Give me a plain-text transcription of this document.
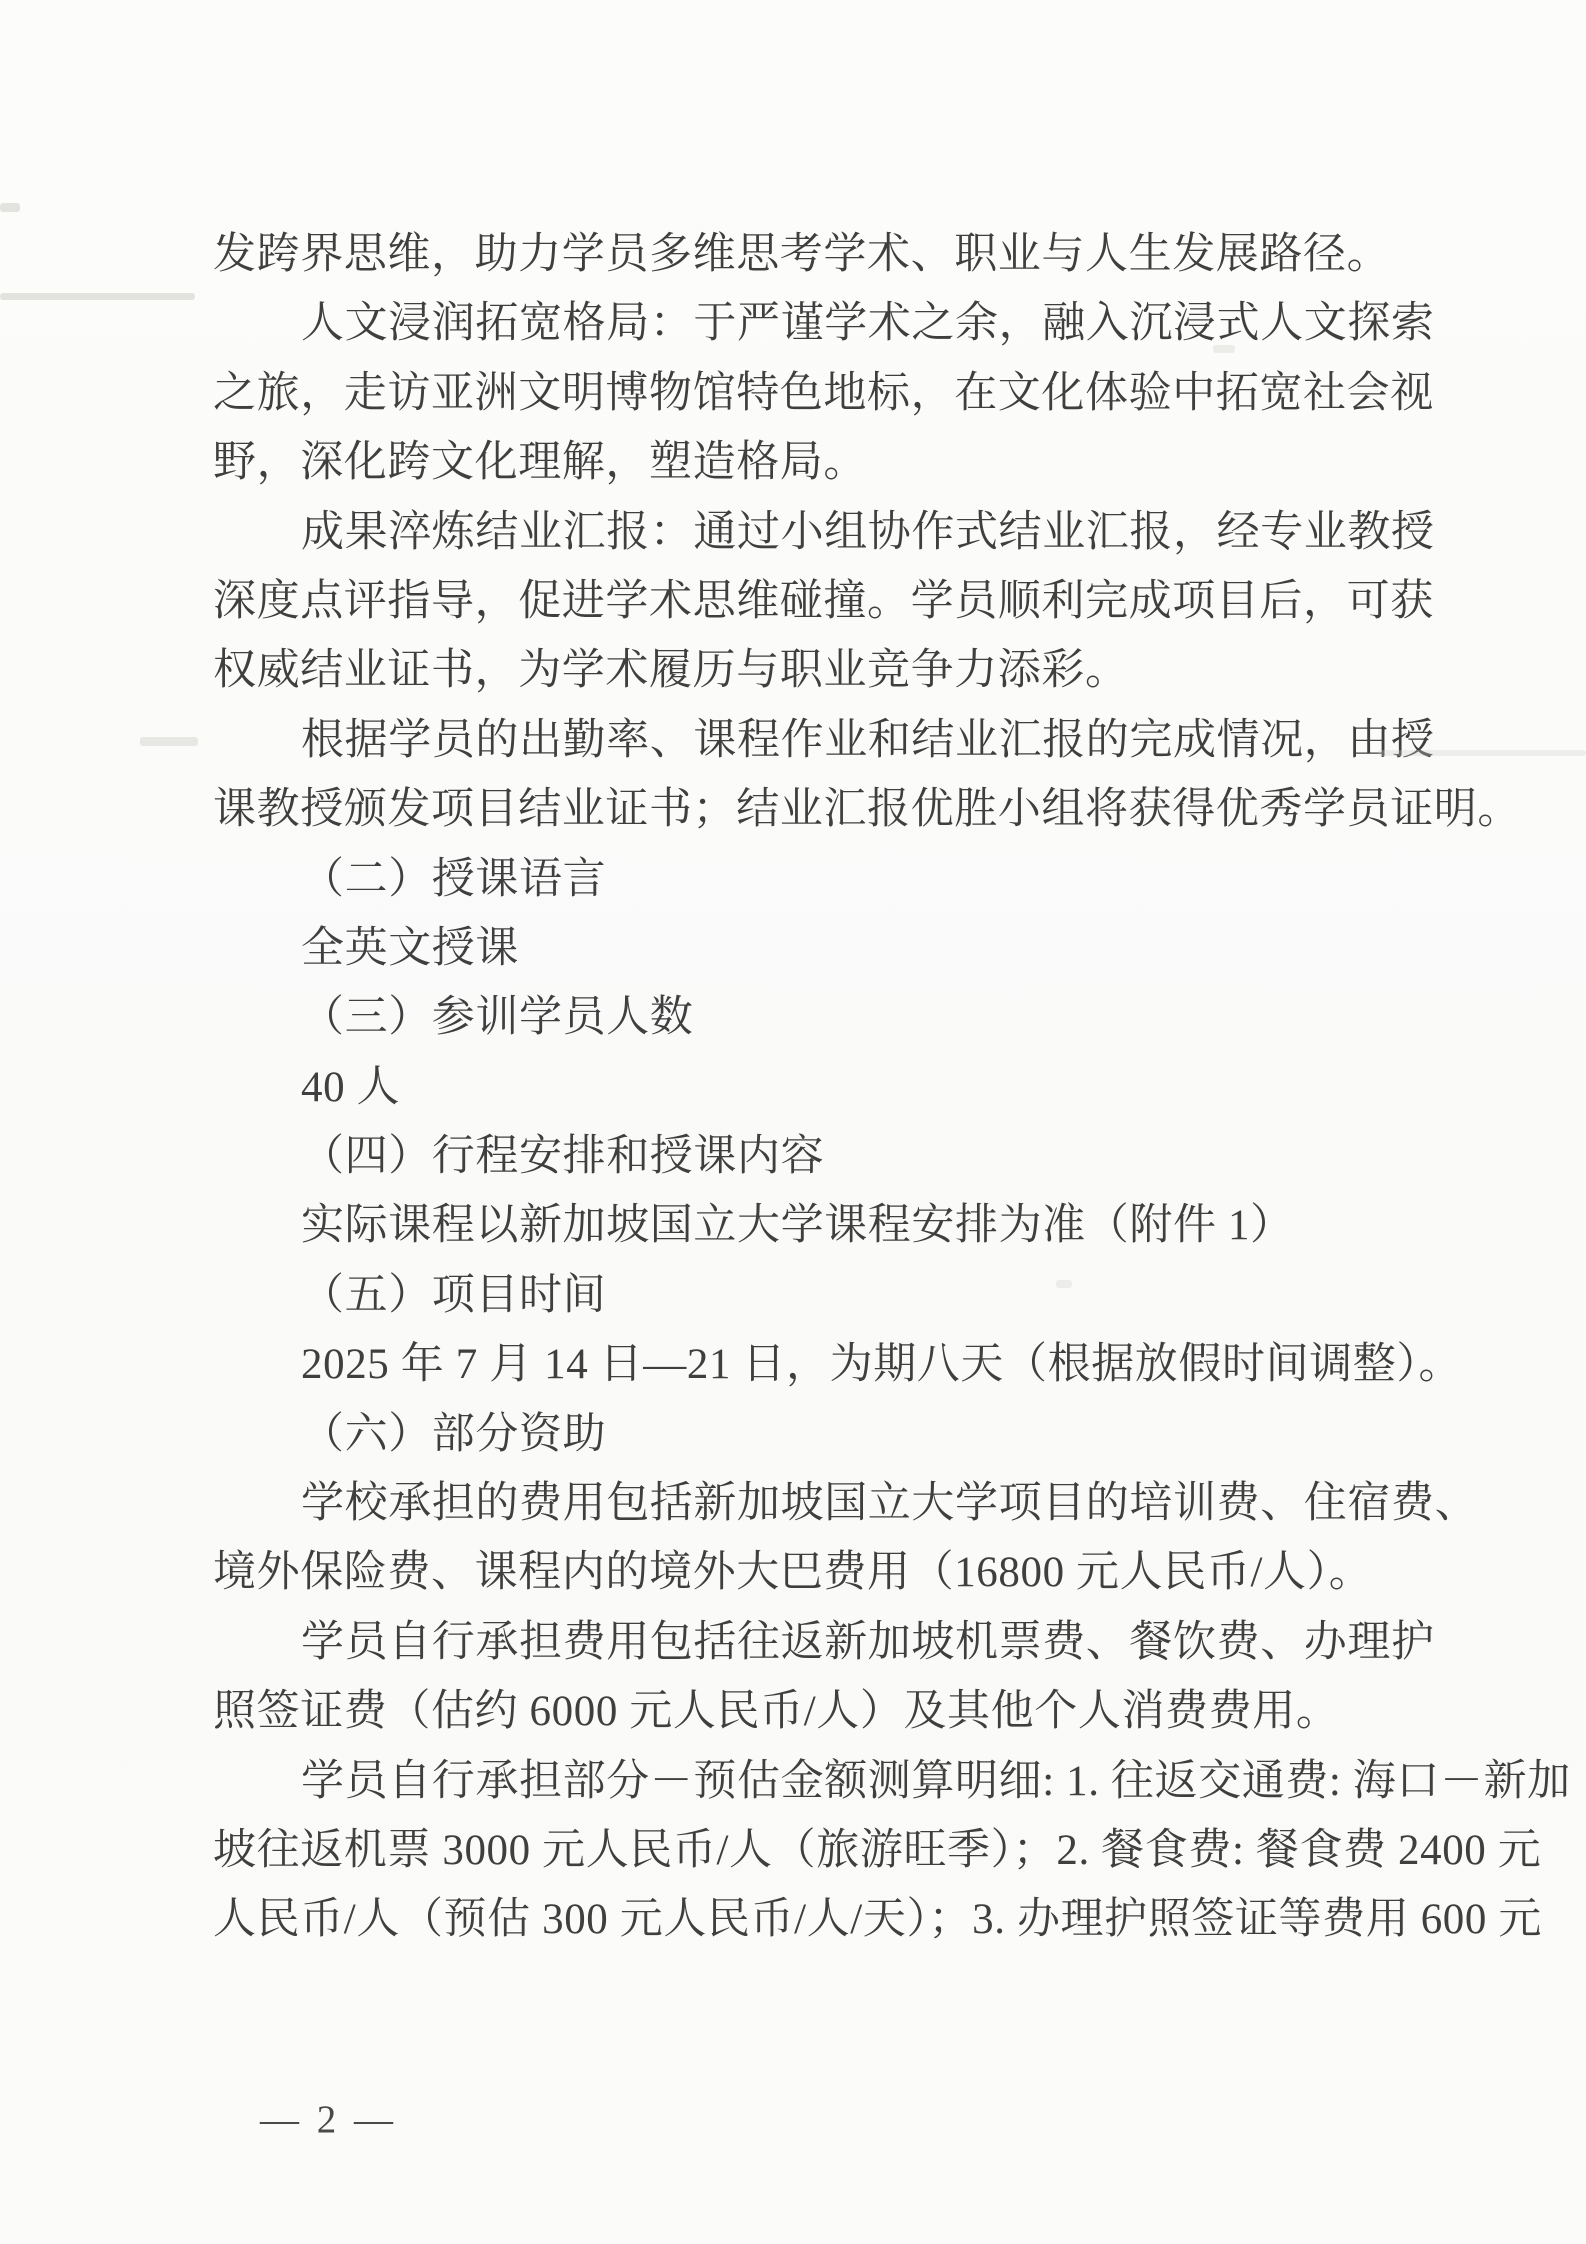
发跨界思维，助力学员多维思考学术、职业与人生发展路径。
人文浸润拓宽格局：于严谨学术之余，融入沉浸式人文探索
之旅，走访亚洲文明博物馆特色地标，在文化体验中拓宽社会视
野，深化跨文化理解，塑造格局。
成果淬炼结业汇报：通过小组协作式结业汇报，经专业教授
深度点评指导，促进学术思维碰撞。学员顺利完成项目后，可获
权威结业证书，为学术履历与职业竞争力添彩。
根据学员的出勤率、课程作业和结业汇报的完成情况，由授
课教授颁发项目结业证书；结业汇报优胜小组将获得优秀学员证明。
（二）授课语言
全英文授课
（三）参训学员人数
40 人
（四）行程安排和授课内容
实际课程以新加坡国立大学课程安排为准（附件 1）
（五）项目时间
2025 年 7 月 14 日—21 日，为期八天（根据放假时间调整）。
（六）部分资助
学校承担的费用包括新加坡国立大学项目的培训费、住宿费、
境外保险费、课程内的境外大巴费用（16800 元人民币/人）。
学员自行承担费用包括往返新加坡机票费、餐饮费、办理护
照签证费（估约 6000 元人民币/人）及其他个人消费费用。
学员自行承担部分－预估金额测算明细: 1. 往返交通费: 海口－新加
坡往返机票 3000 元人民币/人（旅游旺季）；2. 餐食费: 餐食费 2400 元
人民币/人（预估 300 元人民币/人/天）；3. 办理护照签证等费用 600 元
— 2 —
